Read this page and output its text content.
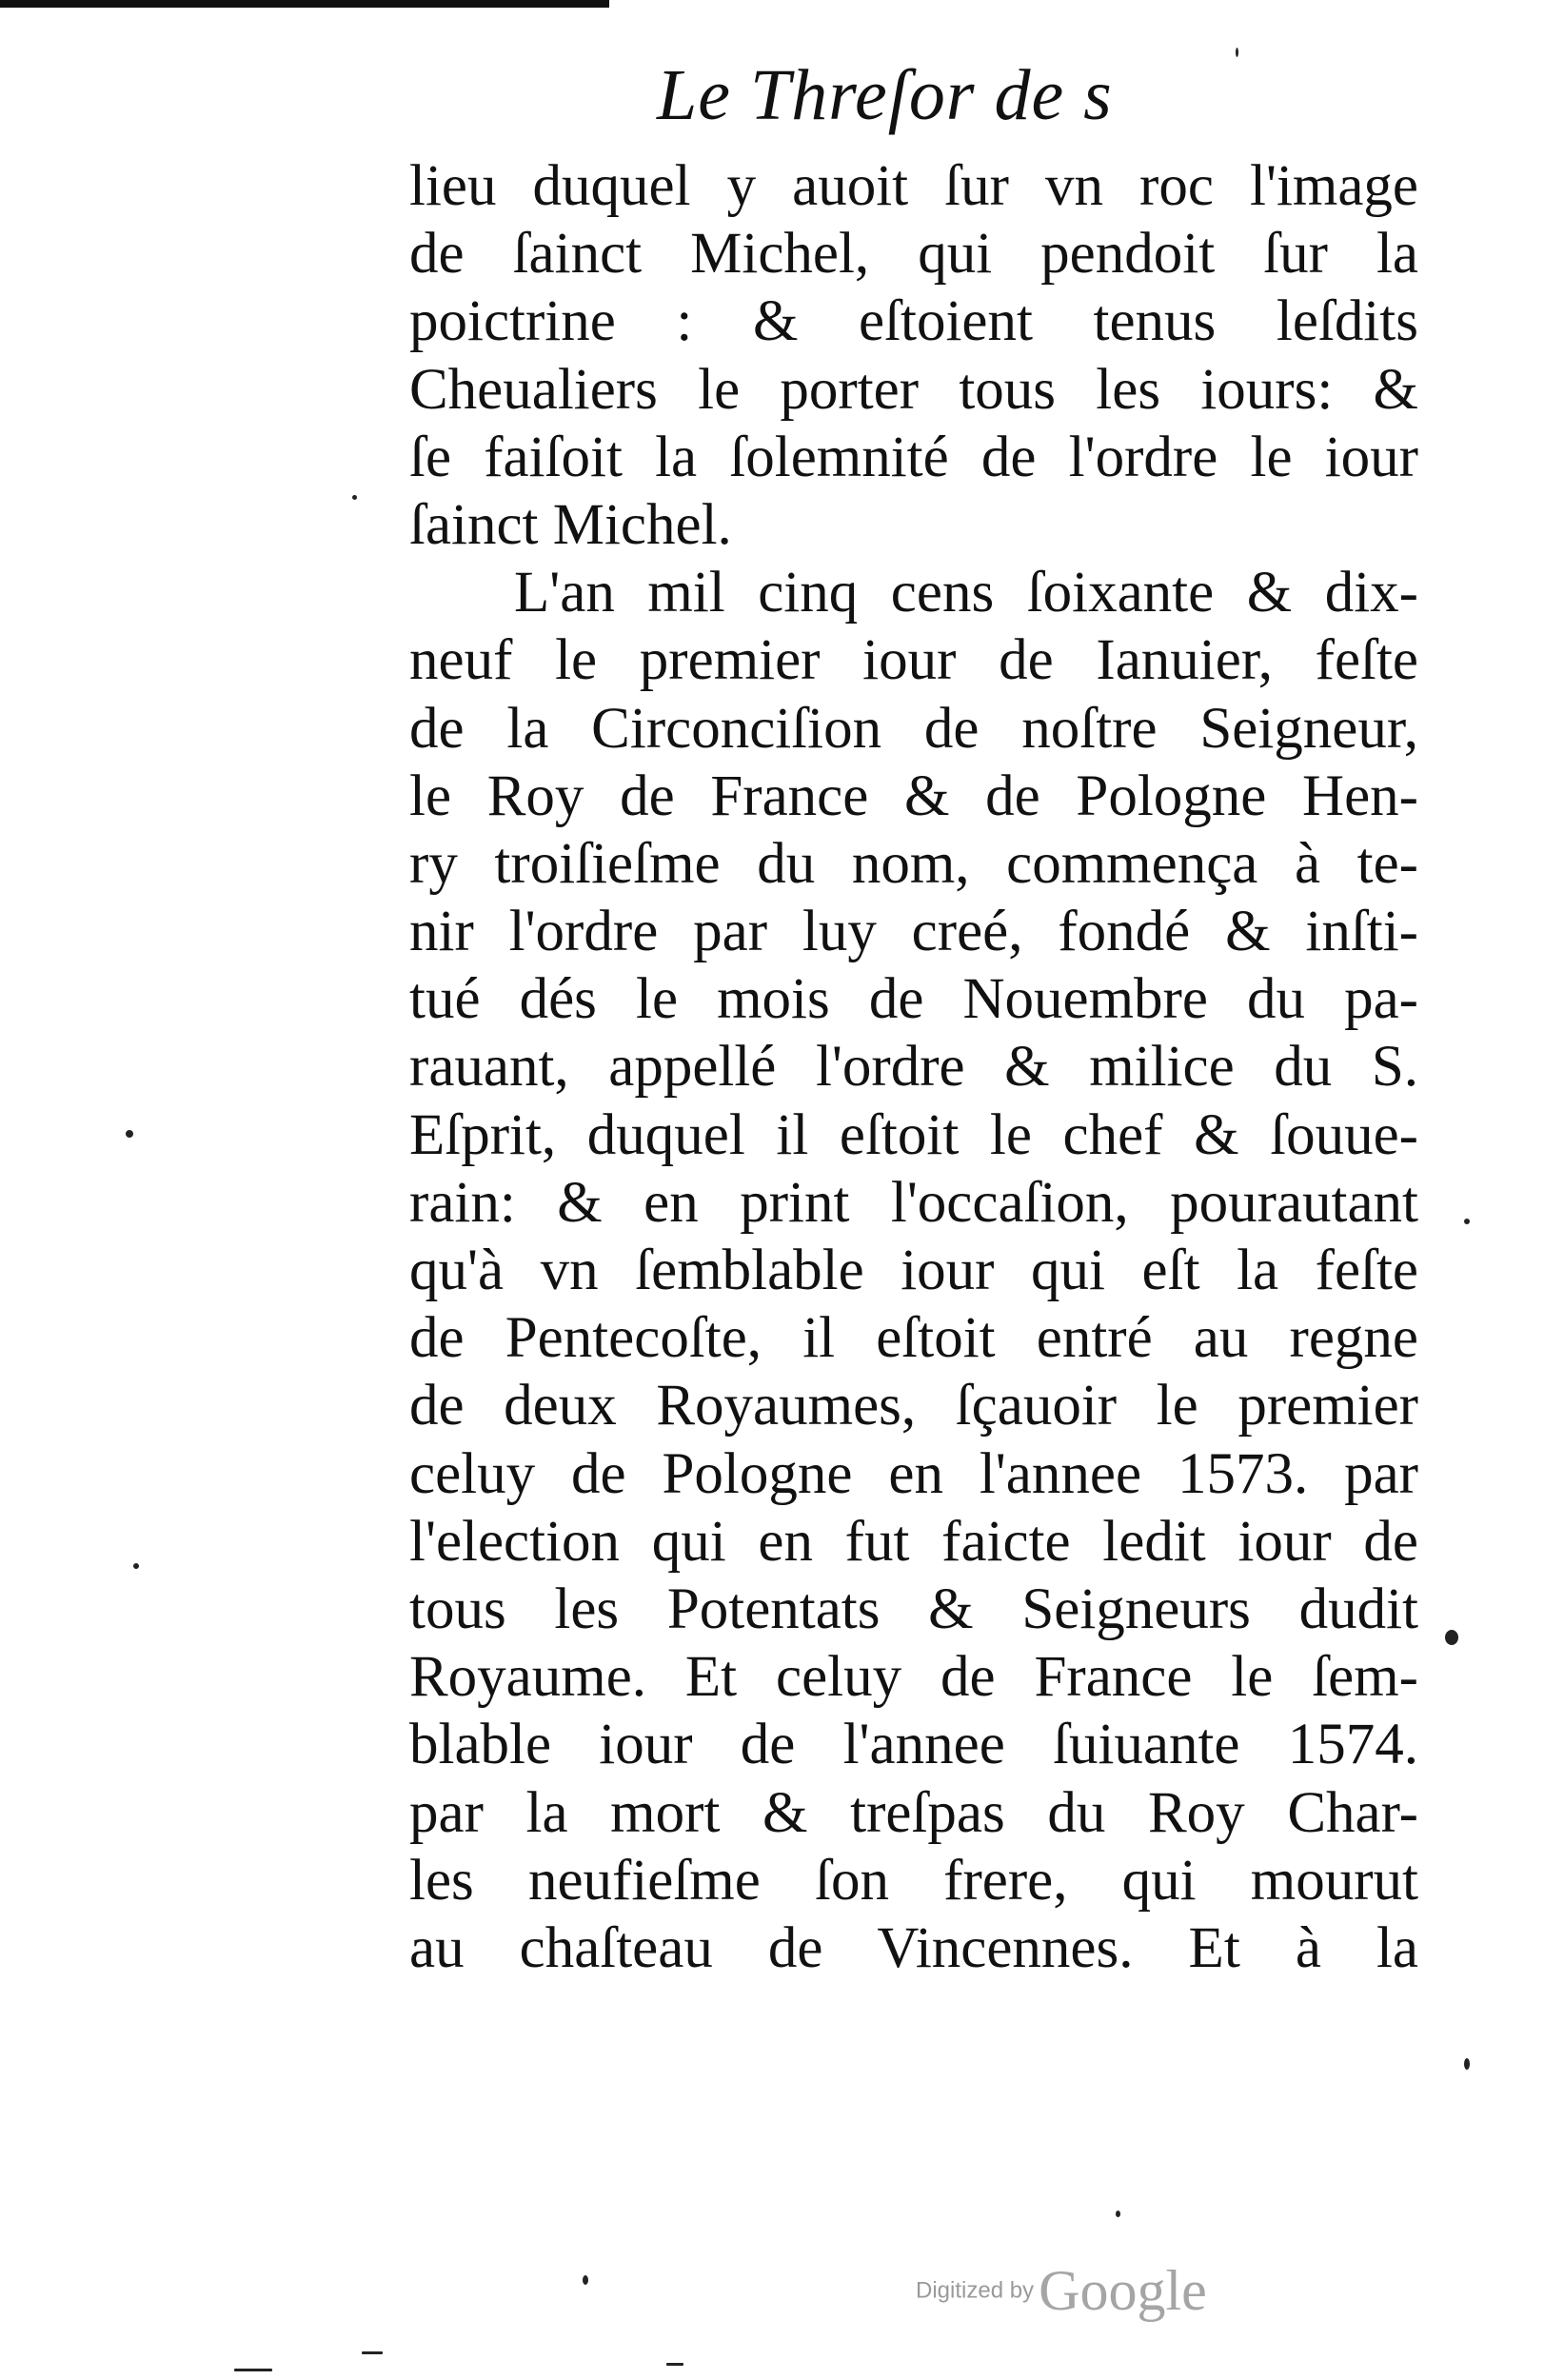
Le Threſor de s
lieu duquel y auoit ſur vn roc l'image
de ſainct Michel, qui pendoit ſur la
poictrine : & eſtoient tenus leſdits
Cheualiers le porter tous les iours: &
ſe faiſoit la ſolemnité de l'ordre le iour
ſainct Michel.
L'an mil cinq cens ſoixante & dix-
neuf le premier iour de Ianuier, feſte
de la Circonciſion de noſtre Seigneur,
le Roy de France & de Pologne Hen-
ry troiſieſme du nom, commença à te-
nir l'ordre par luy creé, fondé & inſti-
tué dés le mois de Nouembre du pa-
rauant, appellé l'ordre & milice du S.
Eſprit, duquel il eſtoit le chef & ſouue-
rain: & en print l'occaſion, pourautant
qu'à vn ſemblable iour qui eſt la feſte
de Pentecoſte, il eſtoit entré au regne
de deux Royaumes, ſçauoir le premier
celuy de Pologne en l'annee 1573. par
l'election qui en fut faicte ledit iour de
tous les Potentats & Seigneurs dudit
Royaume. Et celuy de France le ſem-
blable iour de l'annee ſuiuante 1574.
par la mort & treſpas du Roy Char-
les neufieſme ſon frere, qui mourut
au chaſteau de Vincennes. Et à la
Digitized by Google
